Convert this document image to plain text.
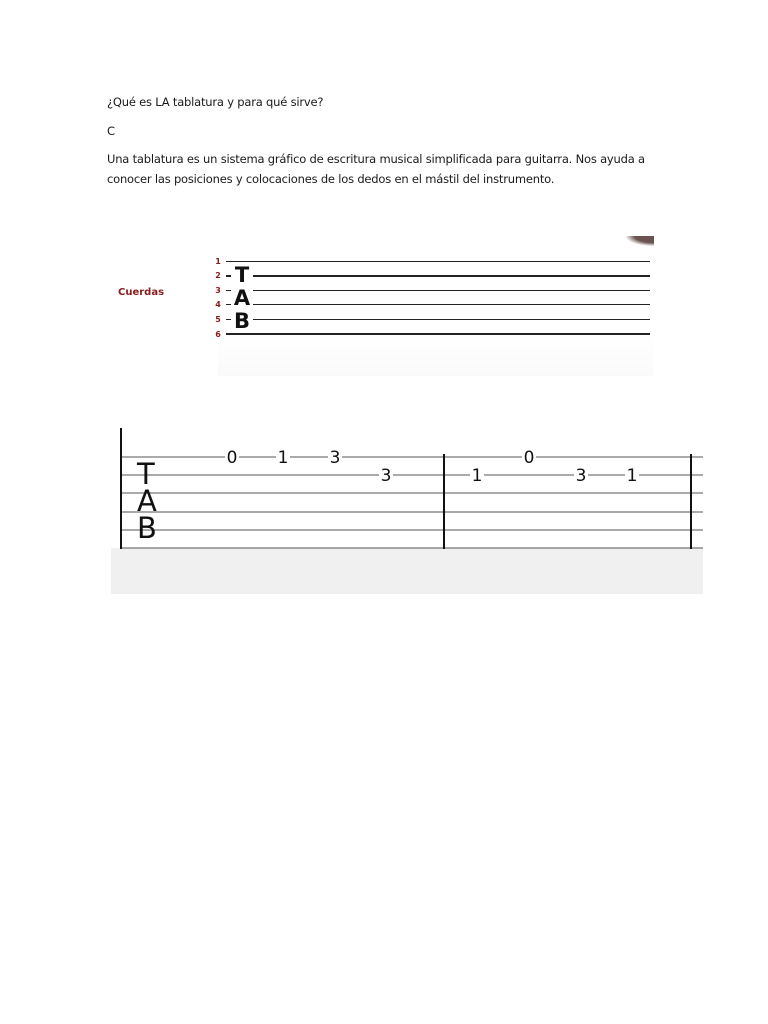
¿Qué es LA tablatura y para qué sirve?
C
Una tablatura es un sistema gráfico de escritura musical simplificada para guitarra. Nos ayuda a conocer las posiciones y colocaciones de los dedos en el mástil del instrumento.
Cuerdas
1
2
3
4
5
6
T
A
B
T
A
B
0 1 3
3	1
0
3 1
